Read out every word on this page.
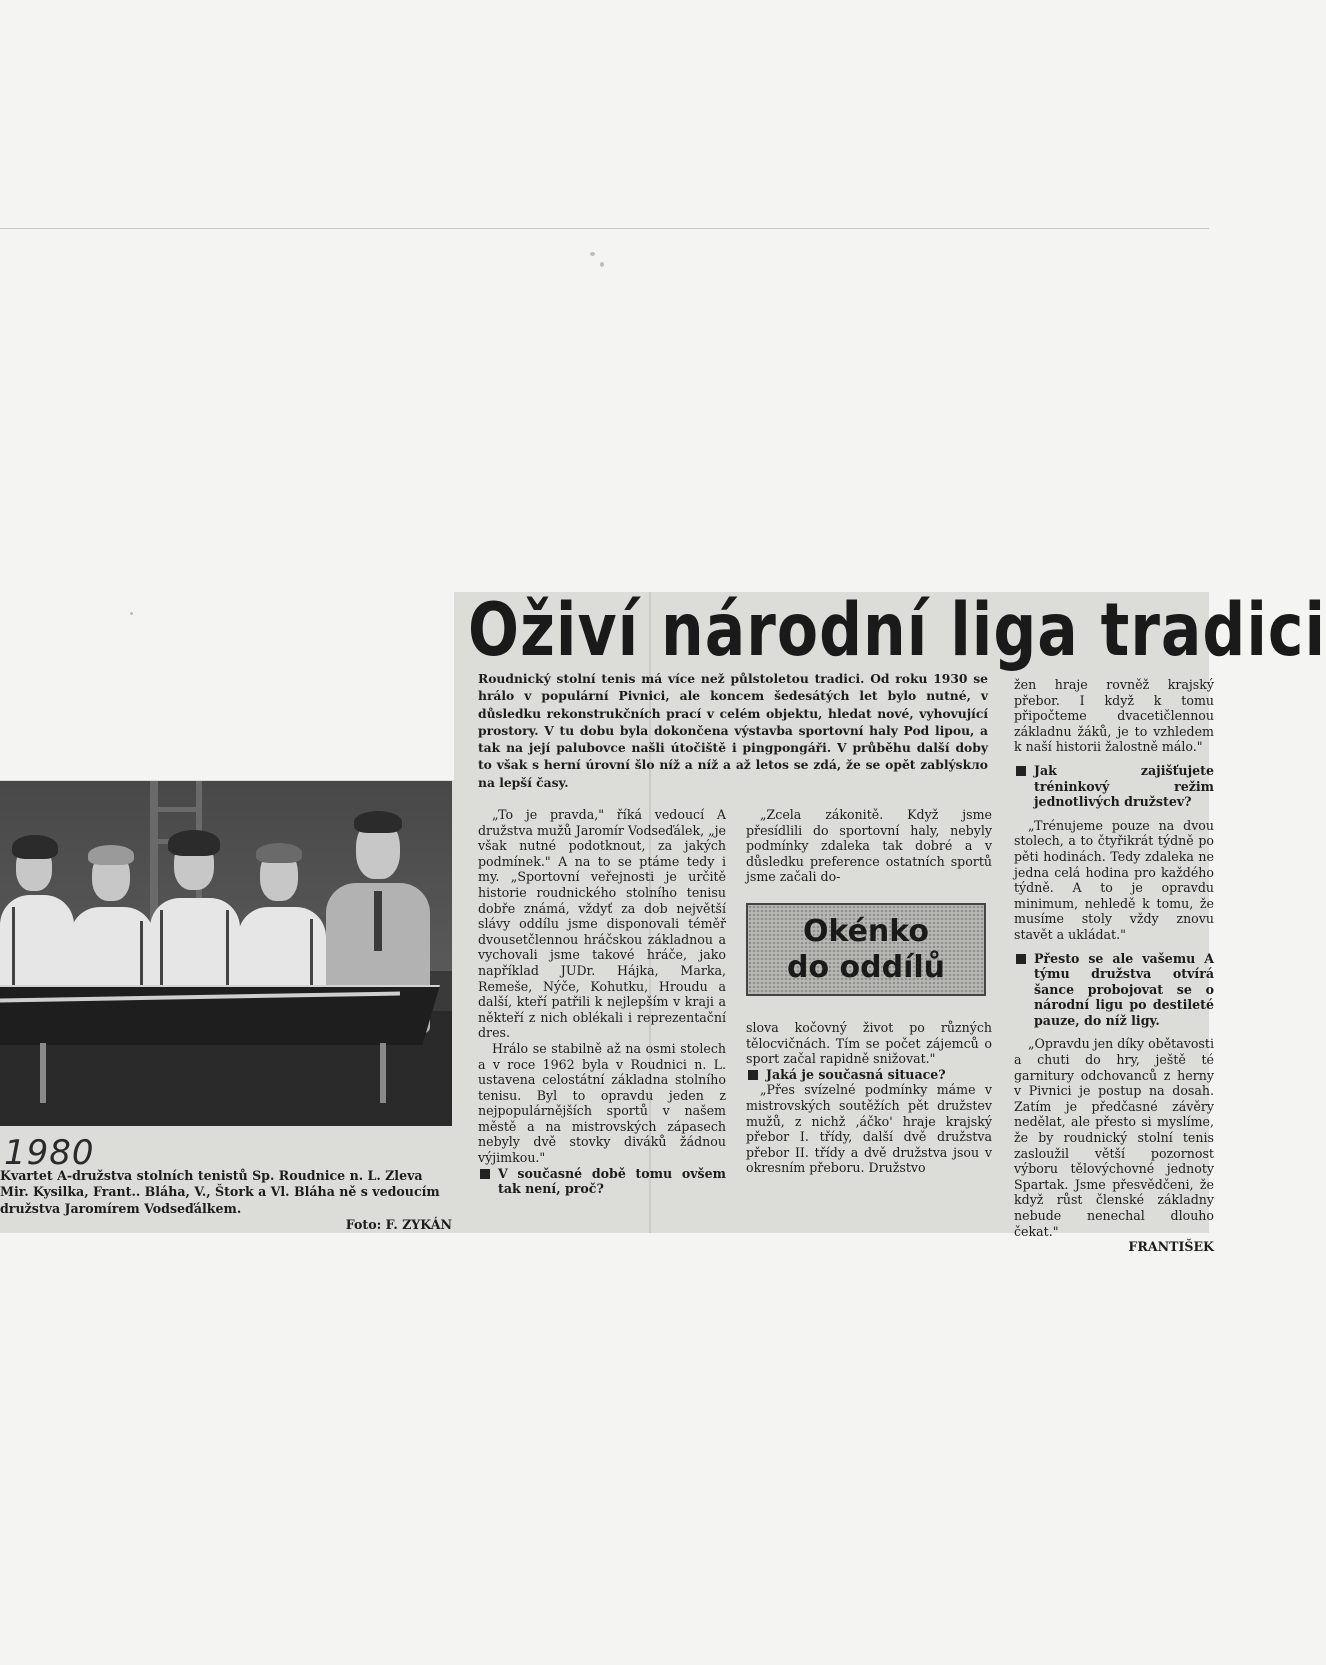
Oživí národní liga tradici
Roudnický stolní tenis má více než půlstoletou tradici. Od roku 1930 se hrálo v populární Pivnici, ale koncem šedesátých let bylo nutné, v důsledku rekonstrukčních prací v celém objektu, hledat nové, vyhovující prostory. V tu dobu byla dokončena výstavba sportovní haly Pod lipou, a tak na její palubovce našli útočiště i pingpongáři. V průběhu další doby to však s herní úrovní šlo níž a níž a až letos se zdá, že se opět zablýskло na lepší časy.
1980
Kvartet A-družstva stolních tenistů Sp. Roudnice n. L. Zleva Mir. Kysilka, Frant.. Bláha, V., Štork a Vl. Bláha ně s vedoucím družstva Jaromírem Vodseďálkem.
Foto: F. ZYKÁN

„To je pravda," říká vedoucí A družstva mužů Jaromír Vodseďálek, „je však nutné podotknout, za jakých podmínek." A na to se ptáme tedy i my. „Sportovní veřejnosti je určitě historie roudnického stolního tenisu dobře známá, vždyť za dob největší slávy oddílu jsme disponovali téměř dvousetčlennou hráčskou základnou a vychovali jsme takové hráče, jako například JUDr. Hájka, Marka, Remeše, Nýče, Kohutku, Hroudu a další, kteří patřili k nejlepším v kraji a někteří z nich oblékali i reprezentační dres.

Hrálo se stabilně až na osmi stolech a v roce 1962 byla v Roudnici n. L. ustavena celostátní základna stolního tenisu. Byl to opravdu jeden z nejpopulárnějších sportů v našem městě a na mistrovských zápasech nebyly dvě stovky diváků žádnou výjimkou."

V současné době tomu ovšem tak není, proč?

„Zcela zákonitě. Když jsme přesídlili do sportovní haly, nebyly podmínky zdaleka tak dobré a v důsledku preference ostatních sportů jsme začali do-

Okénko
do oddílů

slova kočovný život po různých tělocvičnách. Tím se počet zájemců o sport začal rapidně snižovat."

Jaká je současná situace?

„Přes svízelné podmínky máme v mistrovských soutěžích pět družstev mužů, z nichž ‚áčko' hraje krajský přebor I. třídy, další dvě družstva přebor II. třídy a dvě družstva jsou v okresním přeboru. Družstvo

žen hraje rovněž krajský přebor. I když k tomu připočteme dvacetičlennou základnu žáků, je to vzhledem k naší historii žalostně málo."

Jak zajišťujete tréninkový režim jednotlivých družstev?

„Trénujeme pouze na dvou stolech, a to čtyřikrát týdně po pěti hodinách. Tedy zdaleka ne jedna celá hodina pro každého týdně. A to je opravdu minimum, nehledě k tomu, že musíme stoly vždy znovu stavět a ukládat."

Přesto se ale vašemu A týmu družstva otvírá šance probojovat se o národní ligu po destileté pauze, do níž ligy.

„Opravdu jen díky obětavosti a chuti do hry, ještě té garnitury odchovanců z herny v Pivnici je postup na dosah. Zatím je předčasné závěry nedělat, ale přesto si myslíme, že by roudnický stolní tenis zasloužil větší pozornost výboru tělovýchovné jednoty Spartak. Jsme přesvědčeni, že když růst členské základny nebude nenechal dlouho čekat."

FRANTIŠEK
